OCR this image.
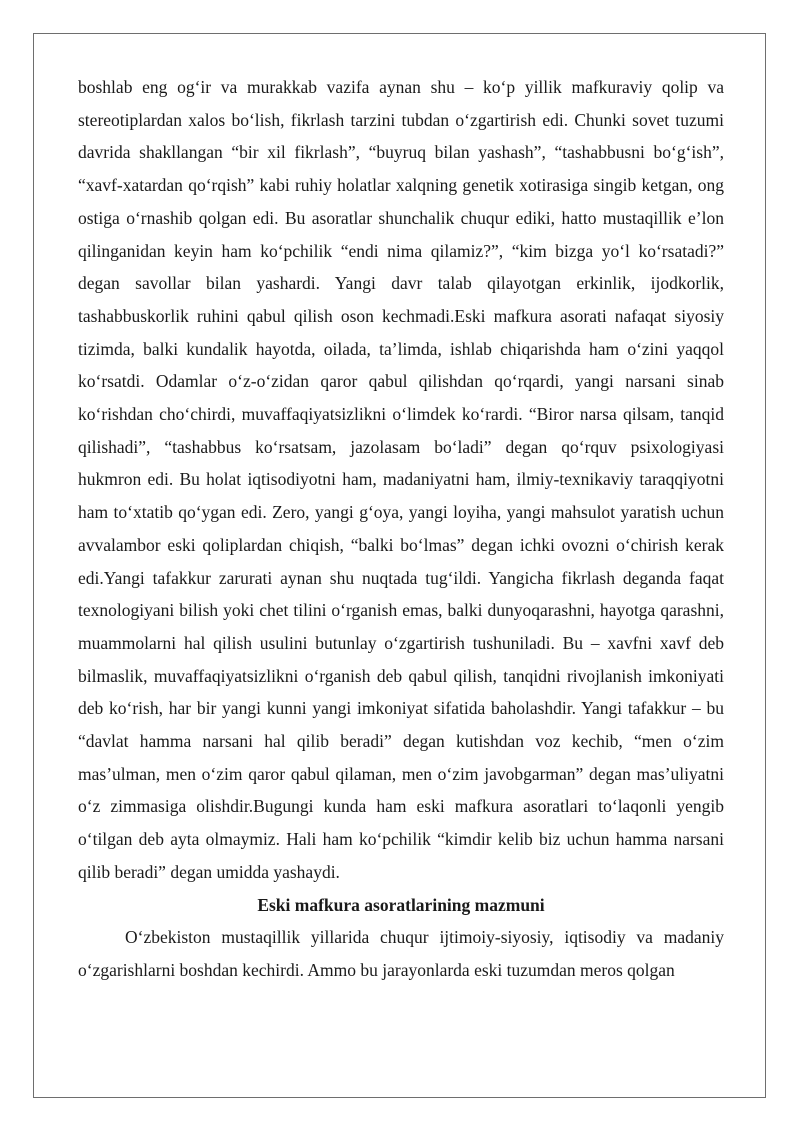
boshlab eng og‘ir va murakkab vazifa aynan shu – ko‘p yillik mafkuraviy qolip va stereotiplardan xalos bo‘lish, fikrlash tarzini tubdan o‘zgartirish edi. Chunki sovet tuzumi davrida shakllangan “bir xil fikrlash”, “buyruq bilan yashash”, “tashabbusni bo‘g‘ish”, “xavf-xatardan qo‘rqish” kabi ruhiy holatlar xalqning genetik xotirasiga singib ketgan, ong ostiga o‘rnashib qolgan edi. Bu asoratlar shunchalik chuqur ediki, hatto mustaqillik e’lon qilinganidan keyin ham ko‘pchilik “endi nima qilamiz?”, “kim bizga yo‘l ko‘rsatadi?” degan savollar bilan yashardi. Yangi davr talab qilayotgan erkinlik, ijodkorlik, tashabbuskorlik ruhini qabul qilish oson kechmadi.Eski mafkura asorati nafaqat siyosiy tizimda, balki kundalik hayotda, oilada, ta’limda, ishlab chiqarishda ham o‘zini yaqqol ko‘rsatdi. Odamlar o‘z-o‘zidan qaror qabul qilishdan qo‘rqardi, yangi narsani sinab ko‘rishdan cho‘chirdi, muvaffaqiyatsizlikni o‘limdek ko‘rardi. “Biror narsa qilsam, tanqid qilishadi”, “tashabbus ko‘rsatsam, jazolasam bo‘ladi” degan qo‘rquv psixologiyasi hukmron edi. Bu holat iqtisodiyotni ham, madaniyatni ham, ilmiy-texnikaviy taraqqiyotni ham to‘xtatib qo‘ygan edi. Zero, yangi g‘oya, yangi loyiha, yangi mahsulot yaratish uchun avvalambor eski qoliplardan chiqish, “balki bo‘lmas” degan ichki ovozni o‘chirish kerak edi.Yangi tafakkur zarurati aynan shu nuqtada tug‘ildi. Yangicha fikrlash deganda faqat texnologiyani bilish yoki chet tilini o‘rganish emas, balki dunyoqarashni, hayotga qarashni, muammolarni hal qilish usulini butunlay o‘zgartirish tushuniladi. Bu – xavfni xavf deb bilmaslik, muvaffaqiyatsizlikni o‘rganish deb qabul qilish, tanqidni rivojlanish imkoniyati deb ko‘rish, har bir yangi kunni yangi imkoniyat sifatida baholashdir. Yangi tafakkur – bu “davlat hamma narsani hal qilib beradi” degan kutishdan voz kechib, “men o‘zim mas’ulman, men o‘zim qaror qabul qilaman, men o‘zim javobgarman” degan mas’uliyatni o‘z zimmasiga olishdir.Bugungi kunda ham eski mafkura asoratlari to‘laqonli yengib o‘tilgan deb ayta olmaymiz. Hali ham ko‘pchilik “kimdir kelib biz uchun hamma narsani qilib beradi” degan umidda yashaydi.

Eski mafkura asoratlarining mazmuni

O‘zbekiston mustaqillik yillarida chuqur ijtimoiy-siyosiy, iqtisodiy va madaniy o‘zgarishlarni boshdan kechirdi. Ammo bu jarayonlarda eski tuzumdan meros qolgan
